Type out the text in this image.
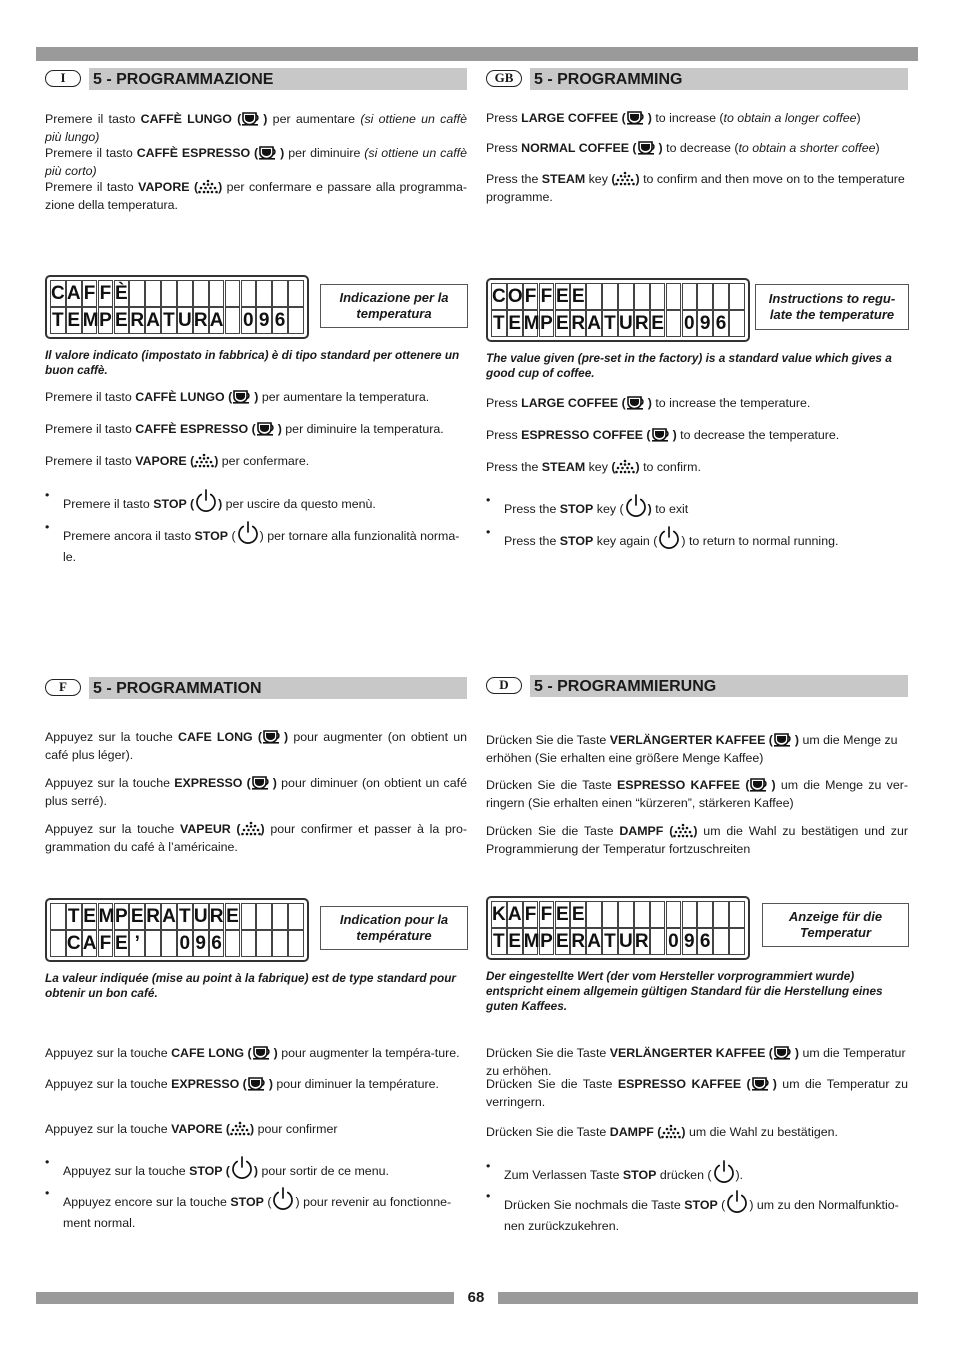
I	5 - PROGRAMMAZIONE
Premere il tasto CAFFÈ LUNGO ( ) per aumentare (si ottiene un caffè più lungo)
Premere il tasto CAFFÈ ESPRESSO ( ) per diminuire (si ottiene un caffè più corto)
Premere il tasto VAPORE ( ) per confermare e passare alla programma-zione della temperatura.
C A F F È
T E M P E R A T U R A 0 9 6
Indicazione per la temperatura
Il valore indicato (impostato in fabbrica) è di tipo standard per ottenere un buon caffè.
Premere il tasto CAFFÈ LUNGO ( ) per aumentare la temperatura.
Premere il tasto CAFFÈ ESPRESSO ( ) per diminuire la temperatura.
Premere il tasto VAPORE ( ) per confermare.
• Premere il tasto STOP ( ) per uscire da questo menù.
• Premere ancora il tasto STOP ( ) per tornare alla funzionalità norma-le.
GB	5 - PROGRAMMING
Press LARGE COFFEE ( ) to increase (to obtain a longer coffee)
Press NORMAL COFFEE ( ) to decrease (to obtain a shorter coffee)
Press the STEAM key ( ) to confirm and then move on to the temperature programme.
C O F F E E
T E M P E R A T U R E 0 9 6
Instructions to regu-late the temperature
The value given (pre-set in the factory) is a standard value which gives a good cup of coffee.
Press LARGE COFFEE ( ) to increase the temperature.
Press ESPRESSO COFFEE ( ) to decrease the temperature.
Press the STEAM key ( ) to confirm.
• Press the STOP key ( ) to exit
• Press the STOP key again ( ) to return to normal running.
F	5 - PROGRAMMATION
Appuyez sur la touche CAFE LONG ( ) pour augmenter (on obtient un café plus léger).
Appuyez sur la touche EXPRESSO ( ) pour diminuer (on obtient un café plus serré).
Appuyez sur la touche VAPEUR ( ) pour confirmer et passer à la pro-grammation du café à l’américaine.
T E M P E R A T U R E
C A F E ’ 0 9 6
Indication pour la température
La valeur indiquée (mise au point à la fabrique) est de type standard pour obtenir un bon café.
Appuyez sur la touche CAFE LONG ( ) pour augmenter la tempéra-ture.
Appuyez sur la touche EXPRESSO ( ) pour diminuer la température.
Appuyez sur la touche VAPORE ( ) pour confirmer
• Appuyez sur la touche STOP ( ) pour sortir de ce menu.
• Appuyez encore sur la touche STOP ( ) pour revenir au fonctionne-ment normal.
D	5 - PROGRAMMIERUNG
Drücken Sie die Taste VERLÄNGERTER KAFFEE ( ) um die Menge zu erhöhen (Sie erhalten eine größere Menge Kaffee)
Drücken Sie die Taste ESPRESSO KAFFEE ( ) um die Menge zu ver-ringern (Sie erhalten einen “kürzeren”, stärkeren Kaffee)
Drücken Sie die Taste DAMPF ( ) um die Wahl zu bestätigen und zur Programmierung der Temperatur fortzuschreiten
K A F F E E
T E M P E R A T U R 0 9 6
Anzeige für die Temperatur
Der eingestellte Wert (der vom Hersteller vorprogrammiert wurde) entspricht einem allgemein gültigen Standard für die Herstellung eines guten Kaffees.
Drücken Sie die Taste VERLÄNGERTER KAFFEE ( ) um die Temperatur zu erhöhen.
Drücken Sie die Taste ESPRESSO KAFFEE ( ) um die Temperatur zu verringern.
Drücken Sie die Taste DAMPF ( ) um die Wahl zu bestätigen.
• Zum Verlassen Taste STOP drücken ( ).
• Drücken Sie nochmals die Taste STOP ( ) um zu den Normalfunktio-nen zurückzukehren.
68
